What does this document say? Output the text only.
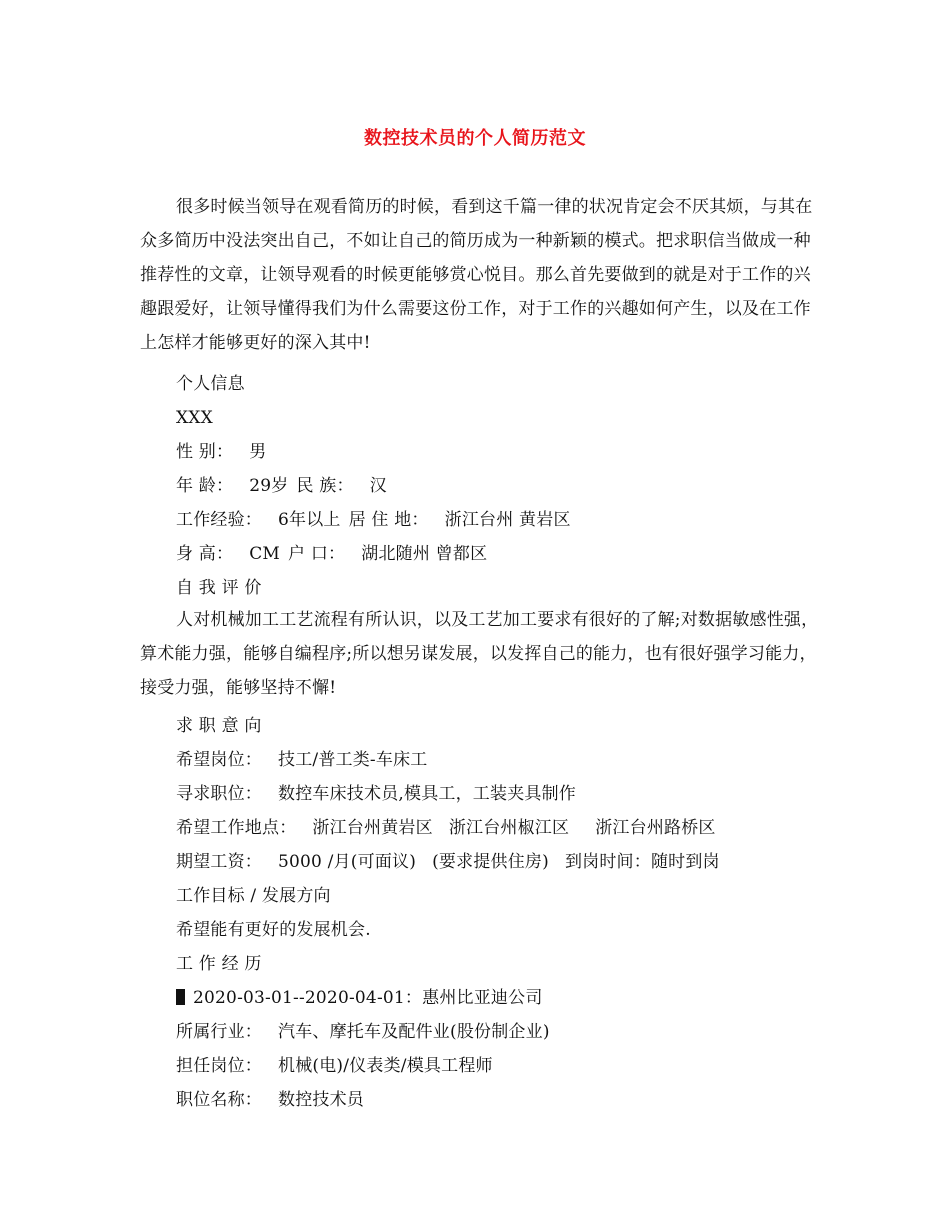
数控技术员的个人简历范文

很多时候当领导在观看简历的时候，看到这千篇一律的状况肯定会不厌其烦，与其在众多简历中没法突出自己，不如让自己的简历成为一种新颖的模式。把求职信当做成一种推荐性的文章，让领导观看的时候更能够赏心悦目。那么首先要做到的就是对于工作的兴趣跟爱好，让领导懂得我们为什么需要这份工作，对于工作的兴趣如何产生，以及在工作上怎样才能够更好的深入其中!

个人信息
XXX
性 别： 男
年 龄： 29岁 民 族： 汉
工作经验： 6年以上 居 住 地： 浙江台州 黄岩区
身 高： CM 户 口： 湖北随州 曾都区
自 我 评 价

人对机械加工工艺流程有所认识，以及工艺加工要求有很好的了解;对数据敏感性强，算术能力强，能够自编程序;所以想另谋发展，以发挥自己的能力，也有很好强学习能力，接受力强，能够坚持不懈!

求 职 意 向
希望岗位： 技工/普工类-车床工
寻求职位： 数控车床技术员,模具工，工装夹具制作
希望工作地点： 浙江台州黄岩区 浙江台州椒江区 浙江台州路桥区
期望工资： 5000 /月(可面议) (要求提供住房) 到岗时间：随时到岗
工作目标 / 发展方向
希望能有更好的发展机会.
工 作 经 历
2020-03-01--2020-04-01：惠州比亚迪公司
所属行业： 汽车、摩托车及配件业(股份制企业)
担任岗位： 机械(电)/仪表类/模具工程师
职位名称： 数控技术员
